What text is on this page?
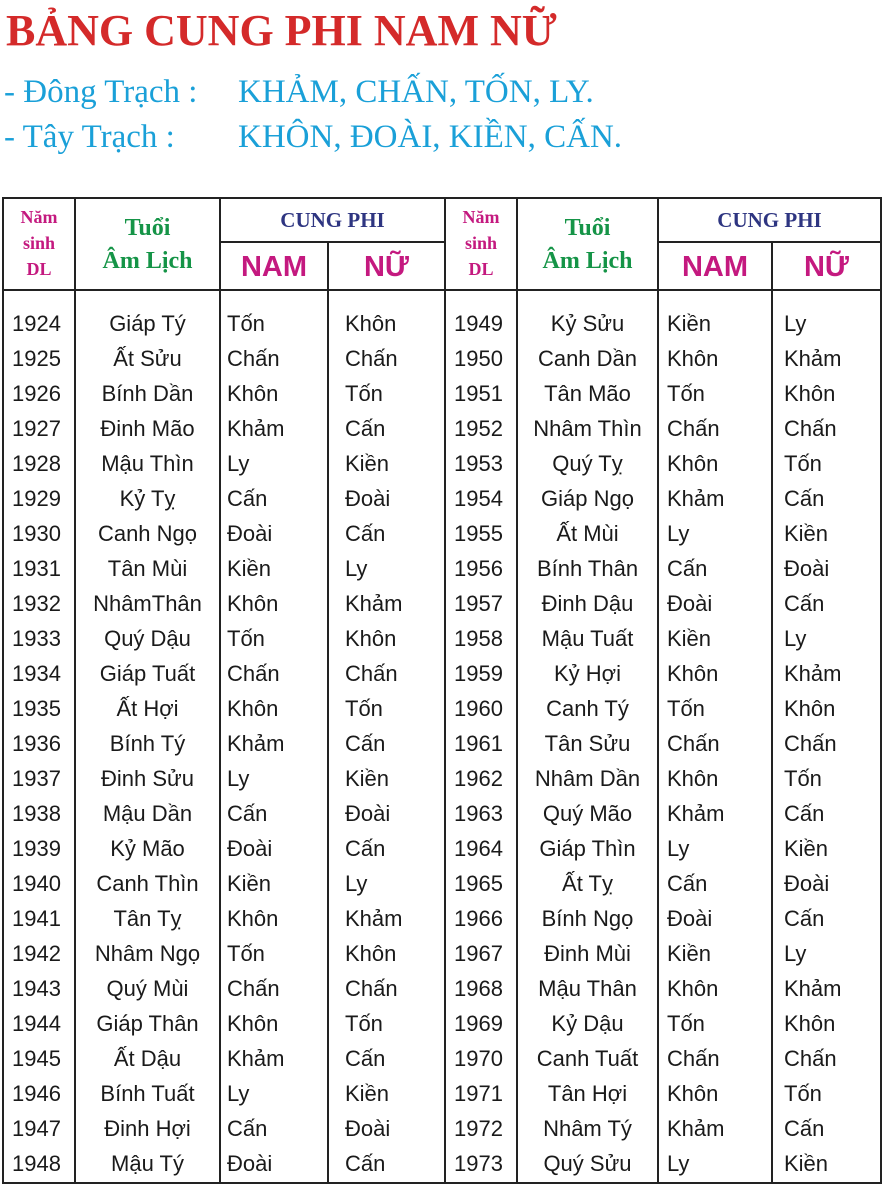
BẢNG CUNG PHI NAM NỮ
- Đông Trạch : KHẢM, CHẤN, TỐN, LY.
- Tây Trạch : KHÔN, ĐOÀI, KIỀN, CẤN.
Năm
sinh
DL
Tuổi
Âm Lịch
CUNG PHI
NAM	NỮ
Năm
sinh
DL
Tuổi
Âm Lịch
CUNG PHI
NAM	NỮ
1924	Giáp Tý	Tốn	Khôn	1949	Kỷ Sửu	Kiền	Ly
1925	Ất Sửu	Chấn	Chấn	1950	Canh Dần	Khôn	Khảm
1926	Bính Dần	Khôn	Tốn	1951	Tân Mão	Tốn	Khôn
1927	Đinh Mão	Khảm	Cấn	1952	Nhâm Thìn	Chấn	Chấn
1928	Mậu Thìn	Ly	Kiền	1953	Quý Tỵ	Khôn	Tốn
1929	Kỷ Tỵ	Cấn	Đoài	1954	Giáp Ngọ	Khảm	Cấn
1930	Canh Ngọ	Đoài	Cấn	1955	Ất Mùi	Ly	Kiền
1931	Tân Mùi	Kiền	Ly	1956	Bính Thân	Cấn	Đoài
1932	NhâmThân	Khôn	Khảm 1957	Đinh Dậu	Đoài	Cấn
1933	Quý Dậu	Tốn	Khôn	1958	Mậu Tuất	Kiền	Ly
1934	Giáp Tuất	Chấn	Chấn	1959	Kỷ Hợi	Khôn	Khảm
1935	Ất Hợi	Khôn	Tốn	1960	Canh Tý	Tốn	Khôn
1936	Bính Tý	Khảm	Cấn	1961	Tân Sửu	Chấn	Chấn
1937	Đinh Sửu	Ly	Kiền	1962	Nhâm Dần	Khôn	Tốn
1938	Mậu Dần	Cấn	Đoài	1963	Quý Mão	Khảm	Cấn
1939	Kỷ Mão	Đoài	Cấn	1964	Giáp Thìn	Ly	Kiền
1940	Canh Thìn	Kiền	Ly	1965	Ất Tỵ	Cấn	Đoài
1941	Tân Tỵ	Khôn	Khảm 1966	Bính Ngọ	Đoài	Cấn
1942	Nhâm Ngọ	Tốn	Khôn	1967	Đinh Mùi	Kiền	Ly
1943	Quý Mùi	Chấn	Chấn	1968	Mậu Thân	Khôn	Khảm
1944	Giáp Thân	Khôn	Tốn	1969	Kỷ Dậu	Tốn	Khôn
1945	Ất Dậu	Khảm	Cấn	1970	Canh Tuất	Chấn	Chấn
1946	Bính Tuất	Ly	Kiền	1971	Tân Hợi	Khôn	Tốn
1947	Đinh Hợi	Cấn	Đoài	1972	Nhâm Tý	Khảm	Cấn
1948	Mậu Tý	Đoài	Cấn	1973	Quý Sửu	Ly	Kiền
